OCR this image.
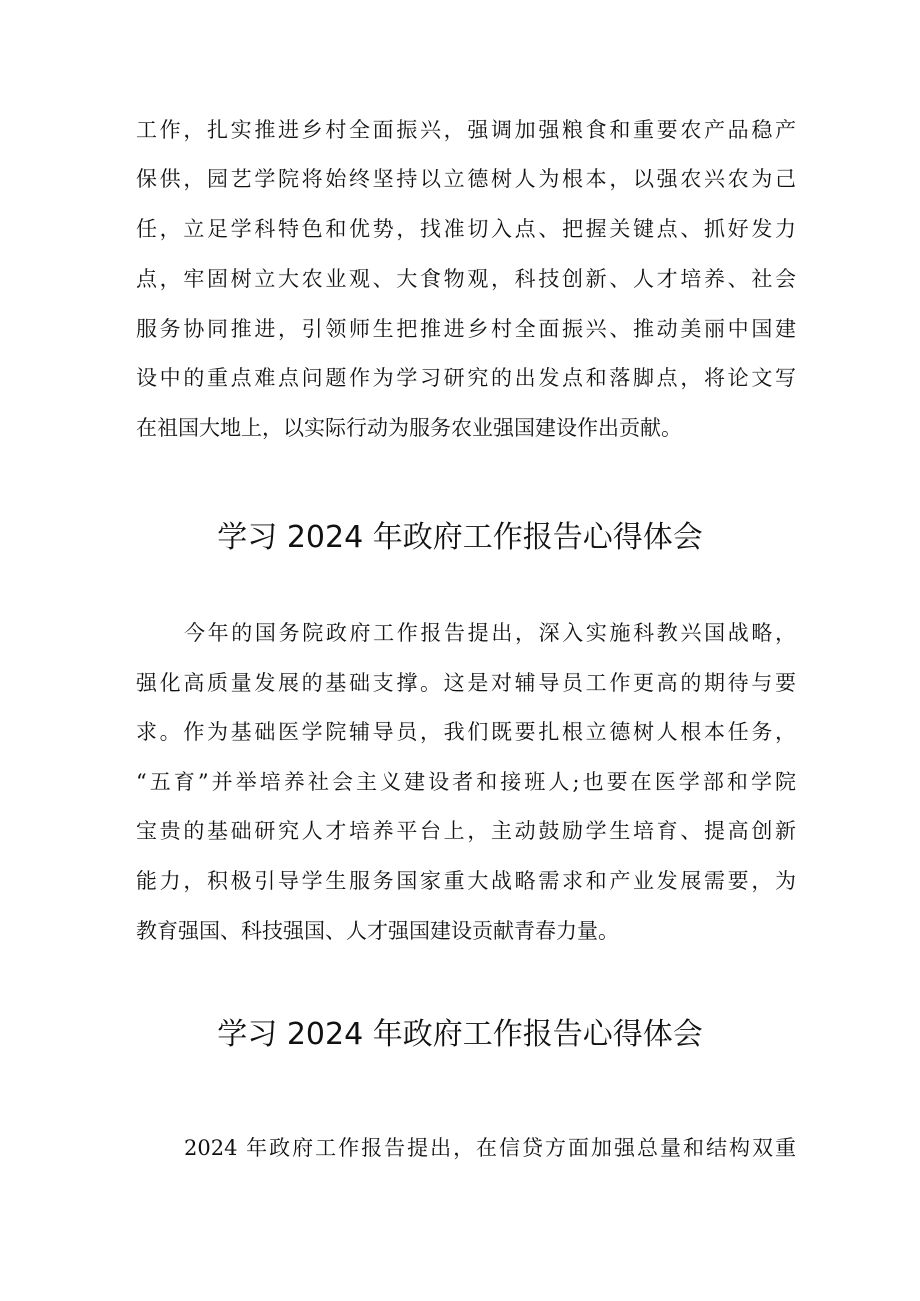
工作，扎实推进乡村全面振兴，强调加强粮食和重要农产品稳产
保供，园艺学院将始终坚持以立德树人为根本，以强农兴农为己
任，立足学科特色和优势，找准切入点、把握关键点、抓好发力
点，牢固树立大农业观、大食物观，科技创新、人才培养、社会
服务协同推进，引领师生把推进乡村全面振兴、推动美丽中国建
设中的重点难点问题作为学习研究的出发点和落脚点，将论文写
在祖国大地上，以实际行动为服务农业强国建设作出贡献。
学习 2024 年政府工作报告心得体会
今年的国务院政府工作报告提出，深入实施科教兴国战略，
强化高质量发展的基础支撑。这是对辅导员工作更高的期待与要
求。作为基础医学院辅导员，我们既要扎根立德树人根本任务，
“五育”并举培养社会主义建设者和接班人;也要在医学部和学院
宝贵的基础研究人才培养平台上，主动鼓励学生培育、提高创新
能力，积极引导学生服务国家重大战略需求和产业发展需要，为
教育强国、科技强国、人才强国建设贡献青春力量。
学习 2024 年政府工作报告心得体会
2024 年政府工作报告提出，在信贷方面加强总量和结构双重
